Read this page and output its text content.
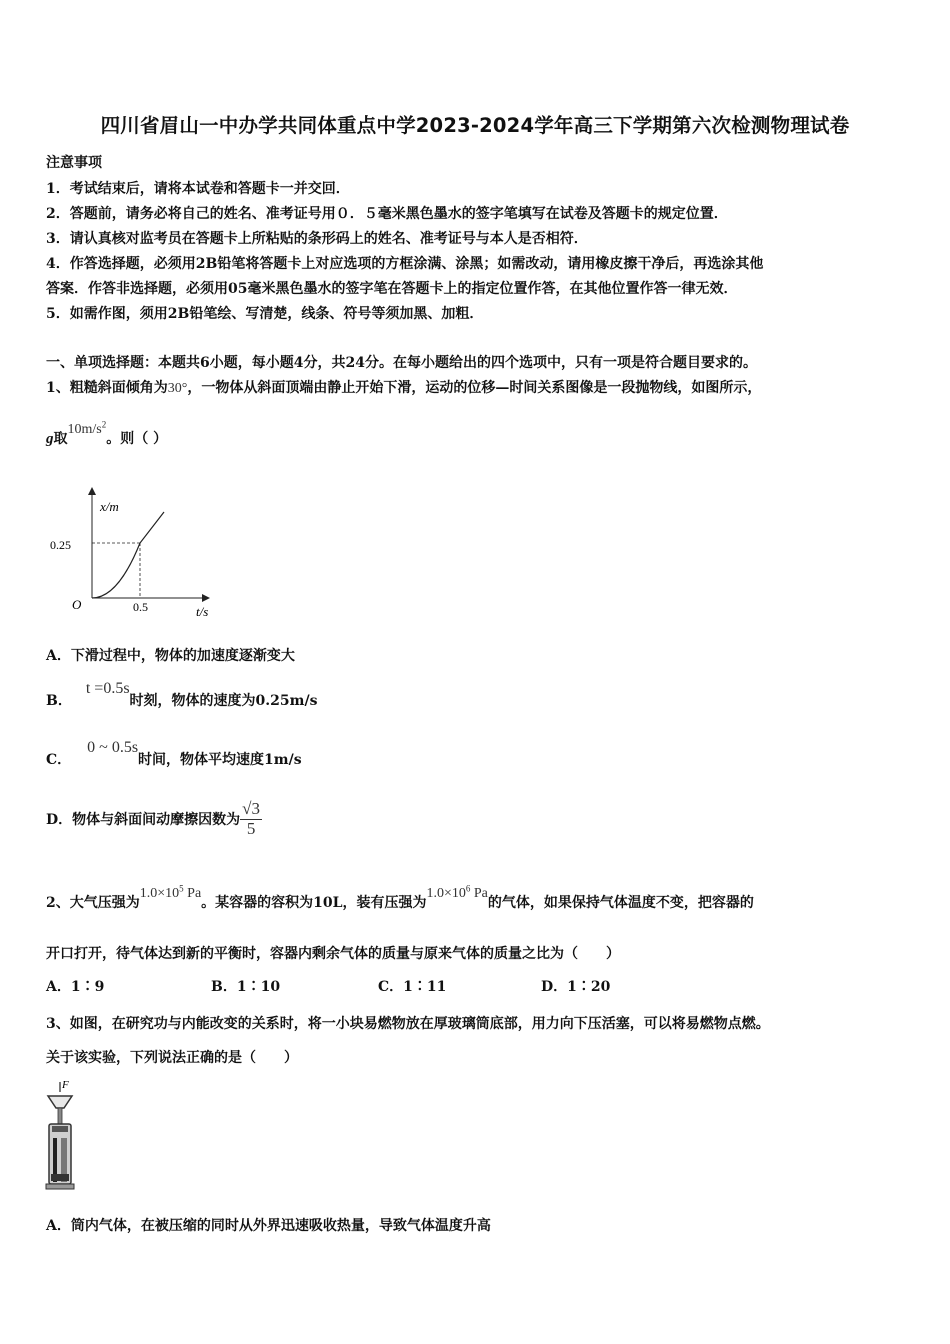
四川省眉山一中办学共同体重点中学2023-2024学年高三下学期第六次检测物理试卷
注意事项
1．考试结束后，请将本试卷和答题卡一并交回．
2．答题前，请务必将自己的姓名、准考证号用０．５毫米黑色墨水的签字笔填写在试卷及答题卡的规定位置．
3．请认真核对监考员在答题卡上所粘贴的条形码上的姓名、准考证号与本人是否相符．
4．作答选择题，必须用2B铅笔将答题卡上对应选项的方框涂满、涂黑；如需改动，请用橡皮擦干净后，再选涂其他
答案．作答非选择题，必须用05毫米黑色墨水的签字笔在答题卡上的指定位置作答，在其他位置作答一律无效．
5．如需作图，须用2B铅笔绘、写清楚，线条、符号等须加黑、加粗．
一、单项选择题：本题共6小题，每小题4分，共24分。在每小题给出的四个选项中，只有一项是符合题目要求的。
1、粗糙斜面倾角为30°，一物体从斜面顶端由静止开始下滑，运动的位移—时间关系图像是一段抛物线，如图所示，
g取$10m/s^2$。则（ ）
x/m
0.25
O	0.5	t/s
A．下滑过程中，物体的加速度逐渐变大
B．t =0.5s时刻，物体的速度为0.25m/s
C．0 ~ 0.5s时间，物体平均速度1m/s
D．物体与斜面间动摩擦因数为 $\frac{√3}{5}$
2、大气压强为$1.0\times 10^5$ Pa。某容器的容积为10L，装有压强为$1.0\times 10^6$ Pa的气体，如果保持气体温度不变，把容器的
开口打开，待气体达到新的平衡时，容器内剩余气体的质量与原来气体的质量之比为（　　）
A．1∶9	B．1∶10	C．1∶11	D．1∶20
3、如图，在研究功与内能改变的关系时，将一小块易燃物放在厚玻璃筒底部，用力向下压活塞，可以将易燃物点燃。
关于该实验，下列说法正确的是（　　）
F
A．筒内气体，在被压缩的同时从外界迅速吸收热量，导致气体温度升高
